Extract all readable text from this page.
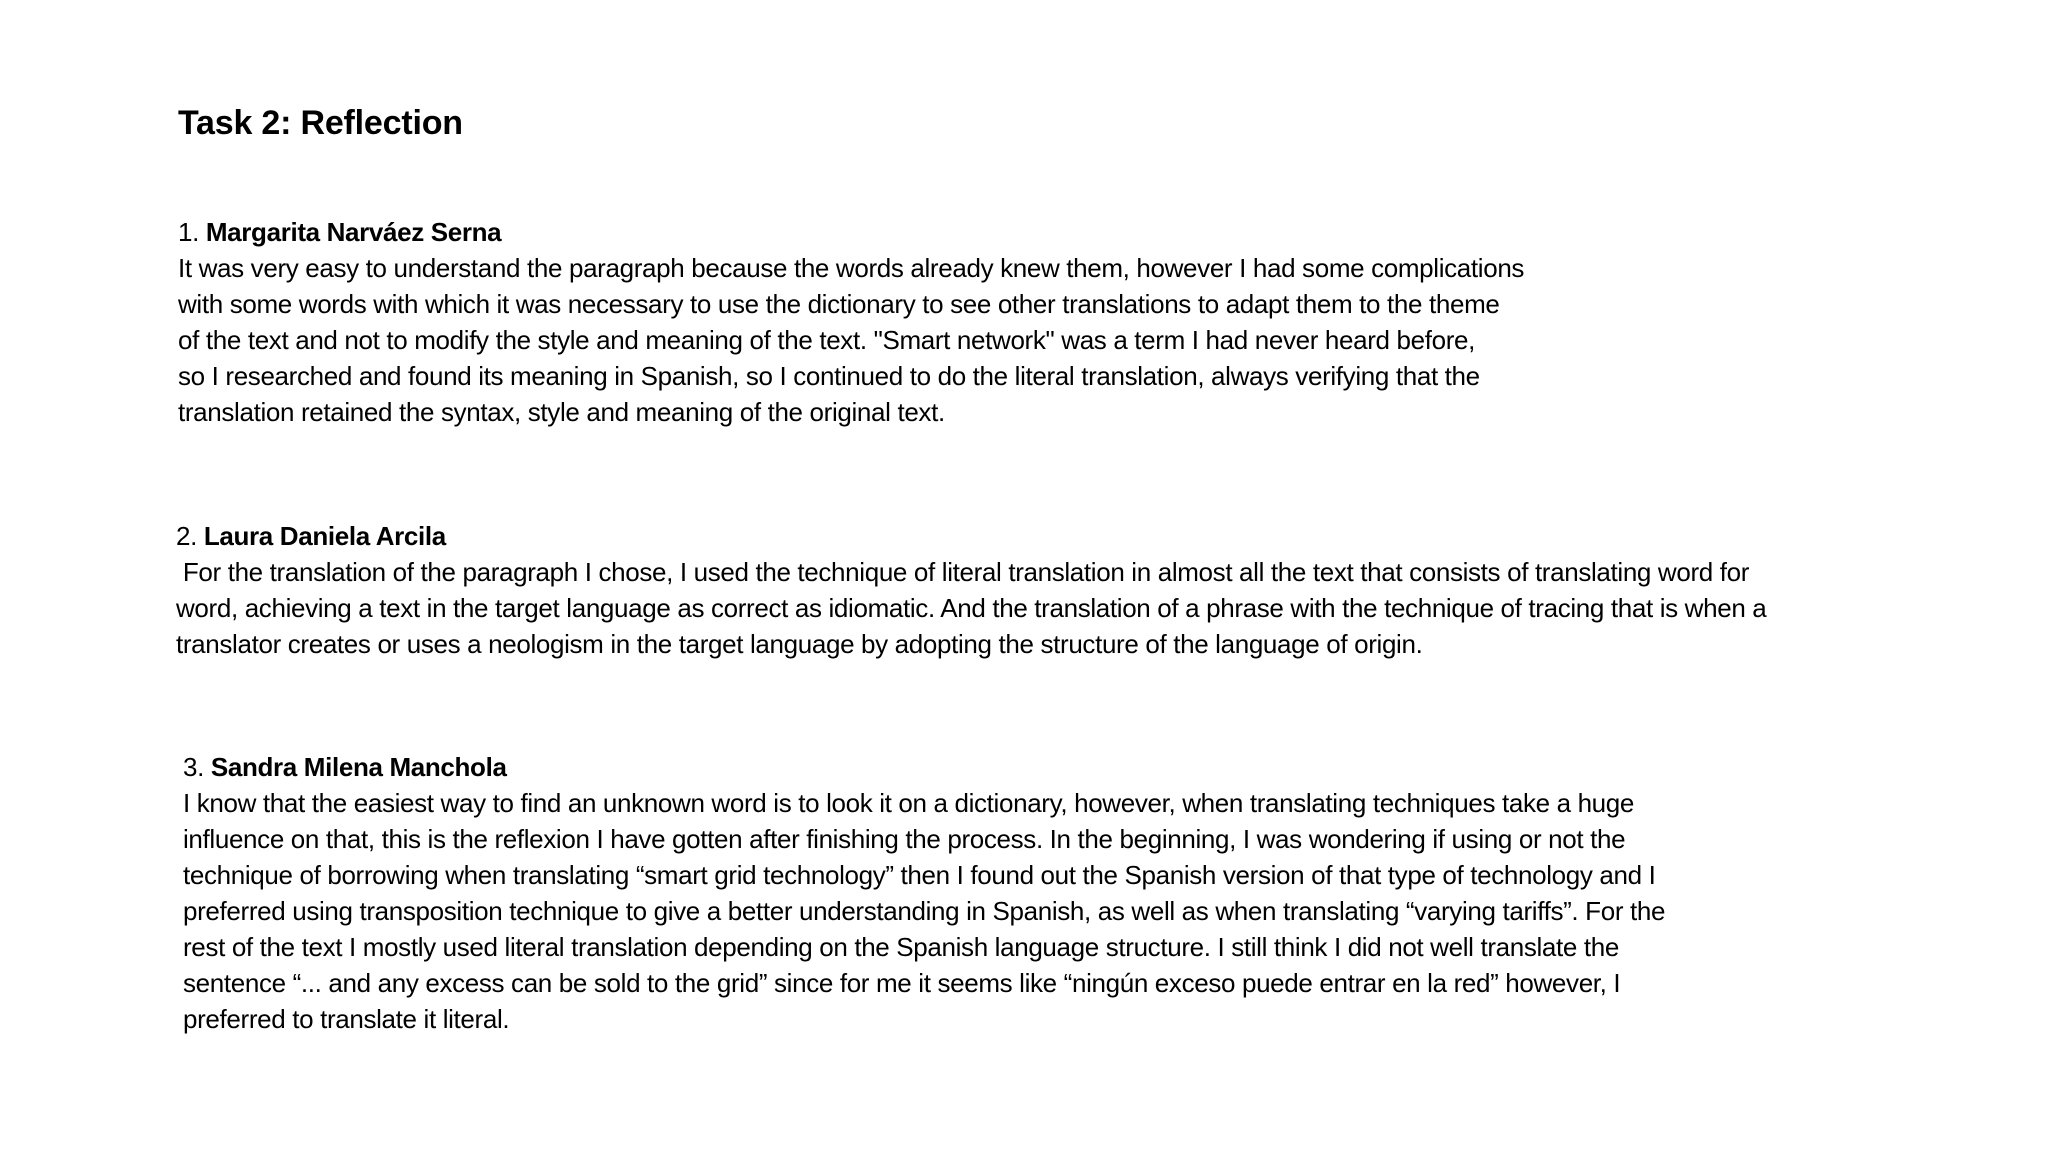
Task 2: Reflection
1. Margarita Narváez Serna
It was very easy to understand the paragraph because the words already knew them, however I had some complications
with some words with which it was necessary to use the dictionary to see other translations to adapt them to the theme
of the text and not to modify the style and meaning of the text. "Smart network" was a term I had never heard before,
so I researched and found its meaning in Spanish, so I continued to do the literal translation, always verifying that the
translation retained the syntax, style and meaning of the original text.
2. Laura Daniela Arcila
For the translation of the paragraph I chose, I used the technique of literal translation in almost all the text that consists of translating word for
word, achieving a text in the target language as correct as idiomatic. And the translation of a phrase with the technique of tracing that is when a
translator creates or uses a neologism in the target language by adopting the structure of the language of origin.
3. Sandra Milena Manchola
I know that the easiest way to find an unknown word is to look it on a dictionary, however, when translating techniques take a huge
influence on that, this is the reflexion I have gotten after finishing the process. In the beginning, I was wondering if using or not the
technique of borrowing when translating “smart grid technology” then I found out the Spanish version of that type of technology and I
preferred using transposition technique to give a better understanding in Spanish, as well as when translating “varying tariffs”. For the
rest of the text I mostly used literal translation depending on the Spanish language structure. I still think I did not well translate the
sentence “... and any excess can be sold to the grid” since for me it seems like “ningún exceso puede entrar en la red” however, I
preferred to translate it literal.
